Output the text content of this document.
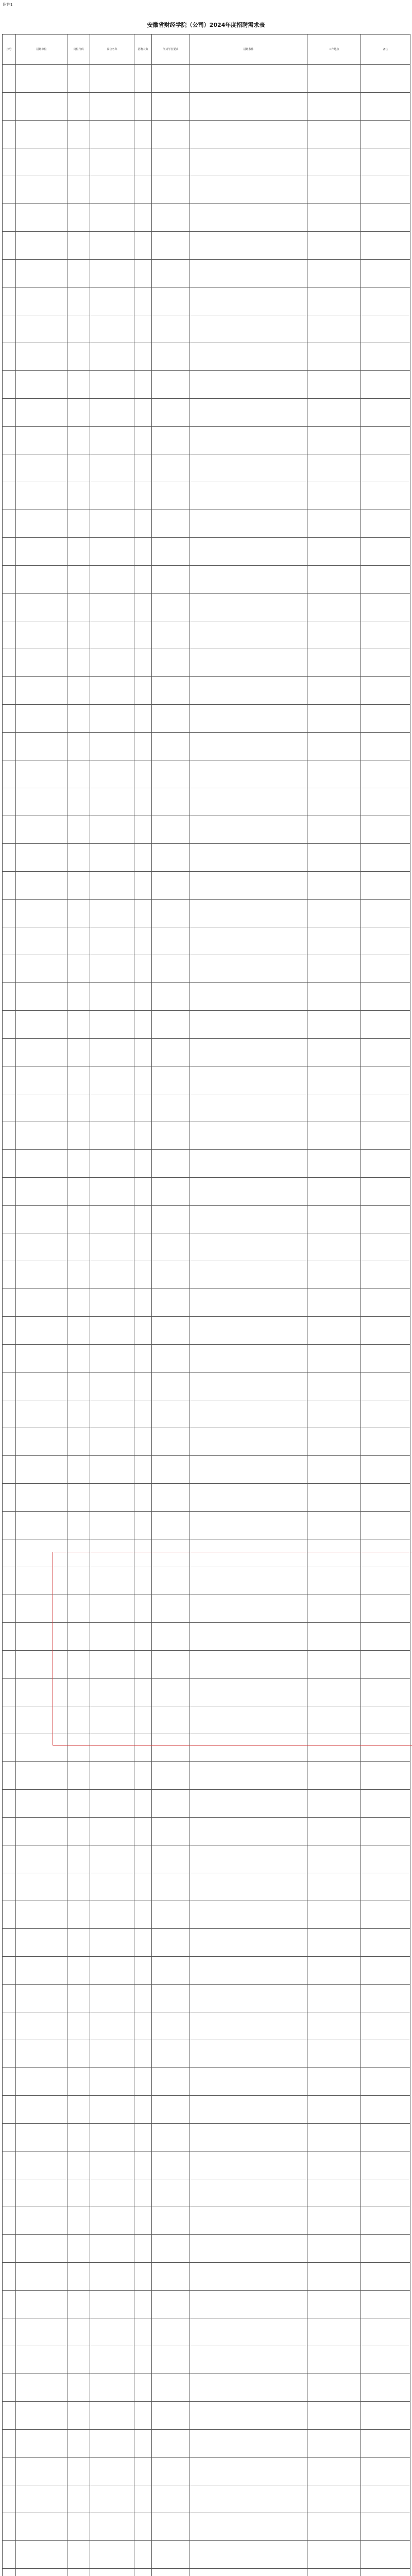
附件1
安徽省财经学院（公司）2024年度招聘需求表
序号	招聘单位	岗位代码	岗位名称	招聘人数	学历学位要求	招聘条件	工作地点	备注
